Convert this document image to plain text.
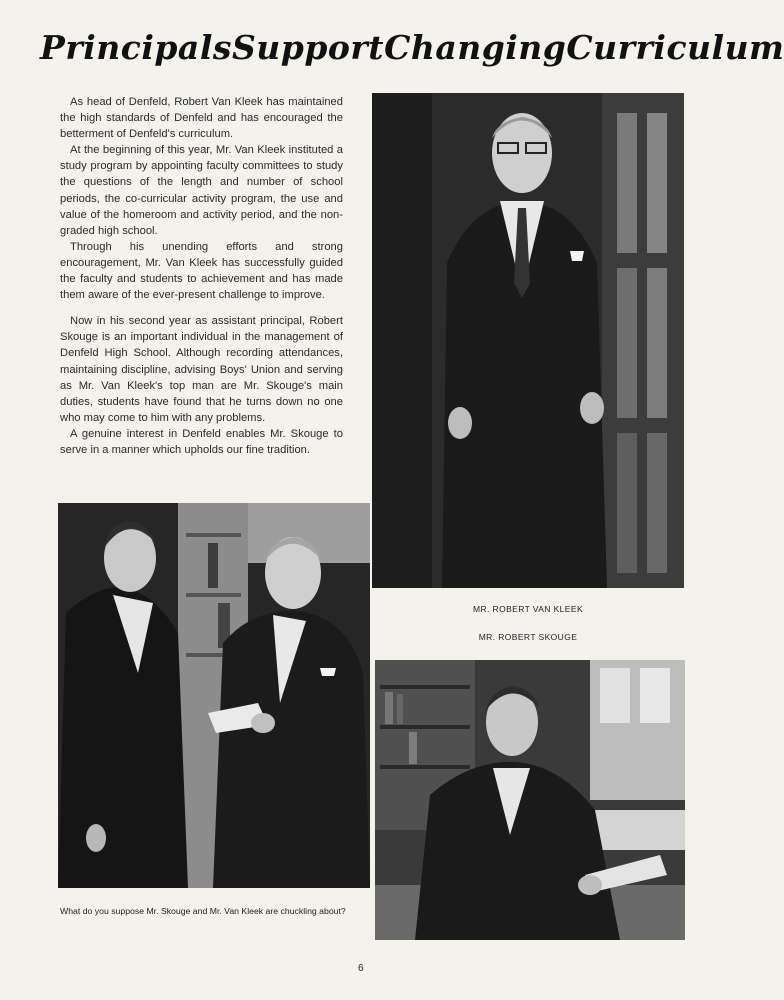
Principals Support Changing Curriculum

As head of Denfeld, Robert Van Kleek has maintained the high standards of Denfeld and has encouraged the betterment of Denfeld's curriculum.

At the beginning of this year, Mr. Van Kleek instituted a study program by appointing faculty committees to study the questions of the length and number of school periods, the co-curricular activity program, the use and value of the homeroom and activity period, and the non-graded high school.

Through his unending efforts and strong encouragement, Mr. Van Kleek has successfully guided the faculty and students to achievement and has made them aware of the ever-present challenge to improve.

Now in his second year as assistant principal, Robert Skouge is an important individual in the management of Denfeld High School. Although recording attendances, maintaining discipline, advising Boys' Union and serving as Mr. Van Kleek's top man are Mr. Skouge's main duties, students have found that he turns down no one who may come to him with any problems.

A genuine interest in Denfeld enables Mr. Skouge to serve in a manner which upholds our fine tradition.

MR. ROBERT VAN KLEEK
MR. ROBERT SKOUGE
What do you suppose Mr. Skouge and Mr. Van Kleek are chuckling about?
6
